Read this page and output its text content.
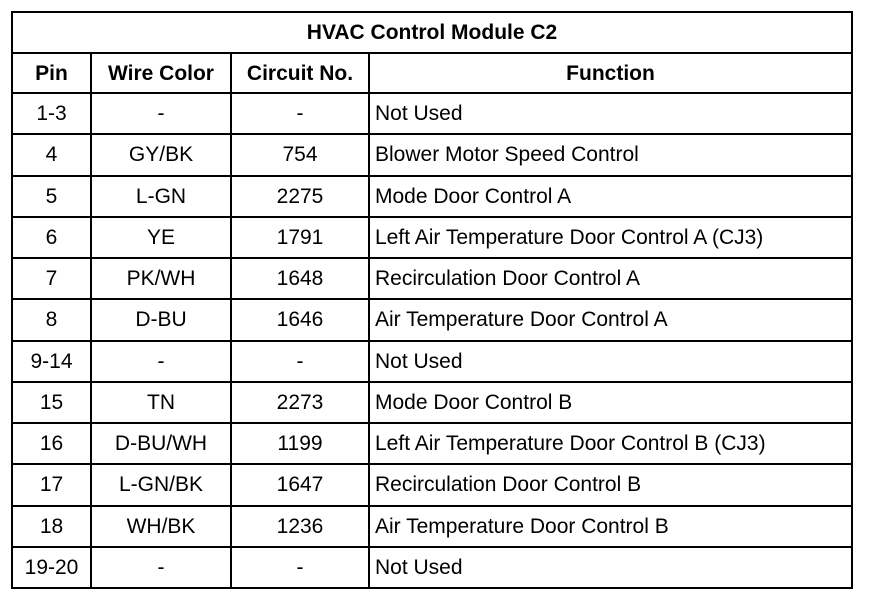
HVAC Control Module C2			
Pin	Wire Color	Circuit No.	Function
1-3	-	-	Not Used
4	GY/BK	754	Blower Motor Speed Control
5	L-GN	2275	Mode Door Control A
6	YE	1791	Left Air Temperature Door Control A (CJ3)
7	PK/WH	1648	Recirculation Door Control A
8	D-BU	1646	Air Temperature Door Control A
9-14	-	-	Not Used
15	TN	2273	Mode Door Control B
16	D-BU/WH	1199	Left Air Temperature Door Control B (CJ3)
17	L-GN/BK	1647	Recirculation Door Control B
18	WH/BK	1236	Air Temperature Door Control B
19-20	-	-	Not Used
